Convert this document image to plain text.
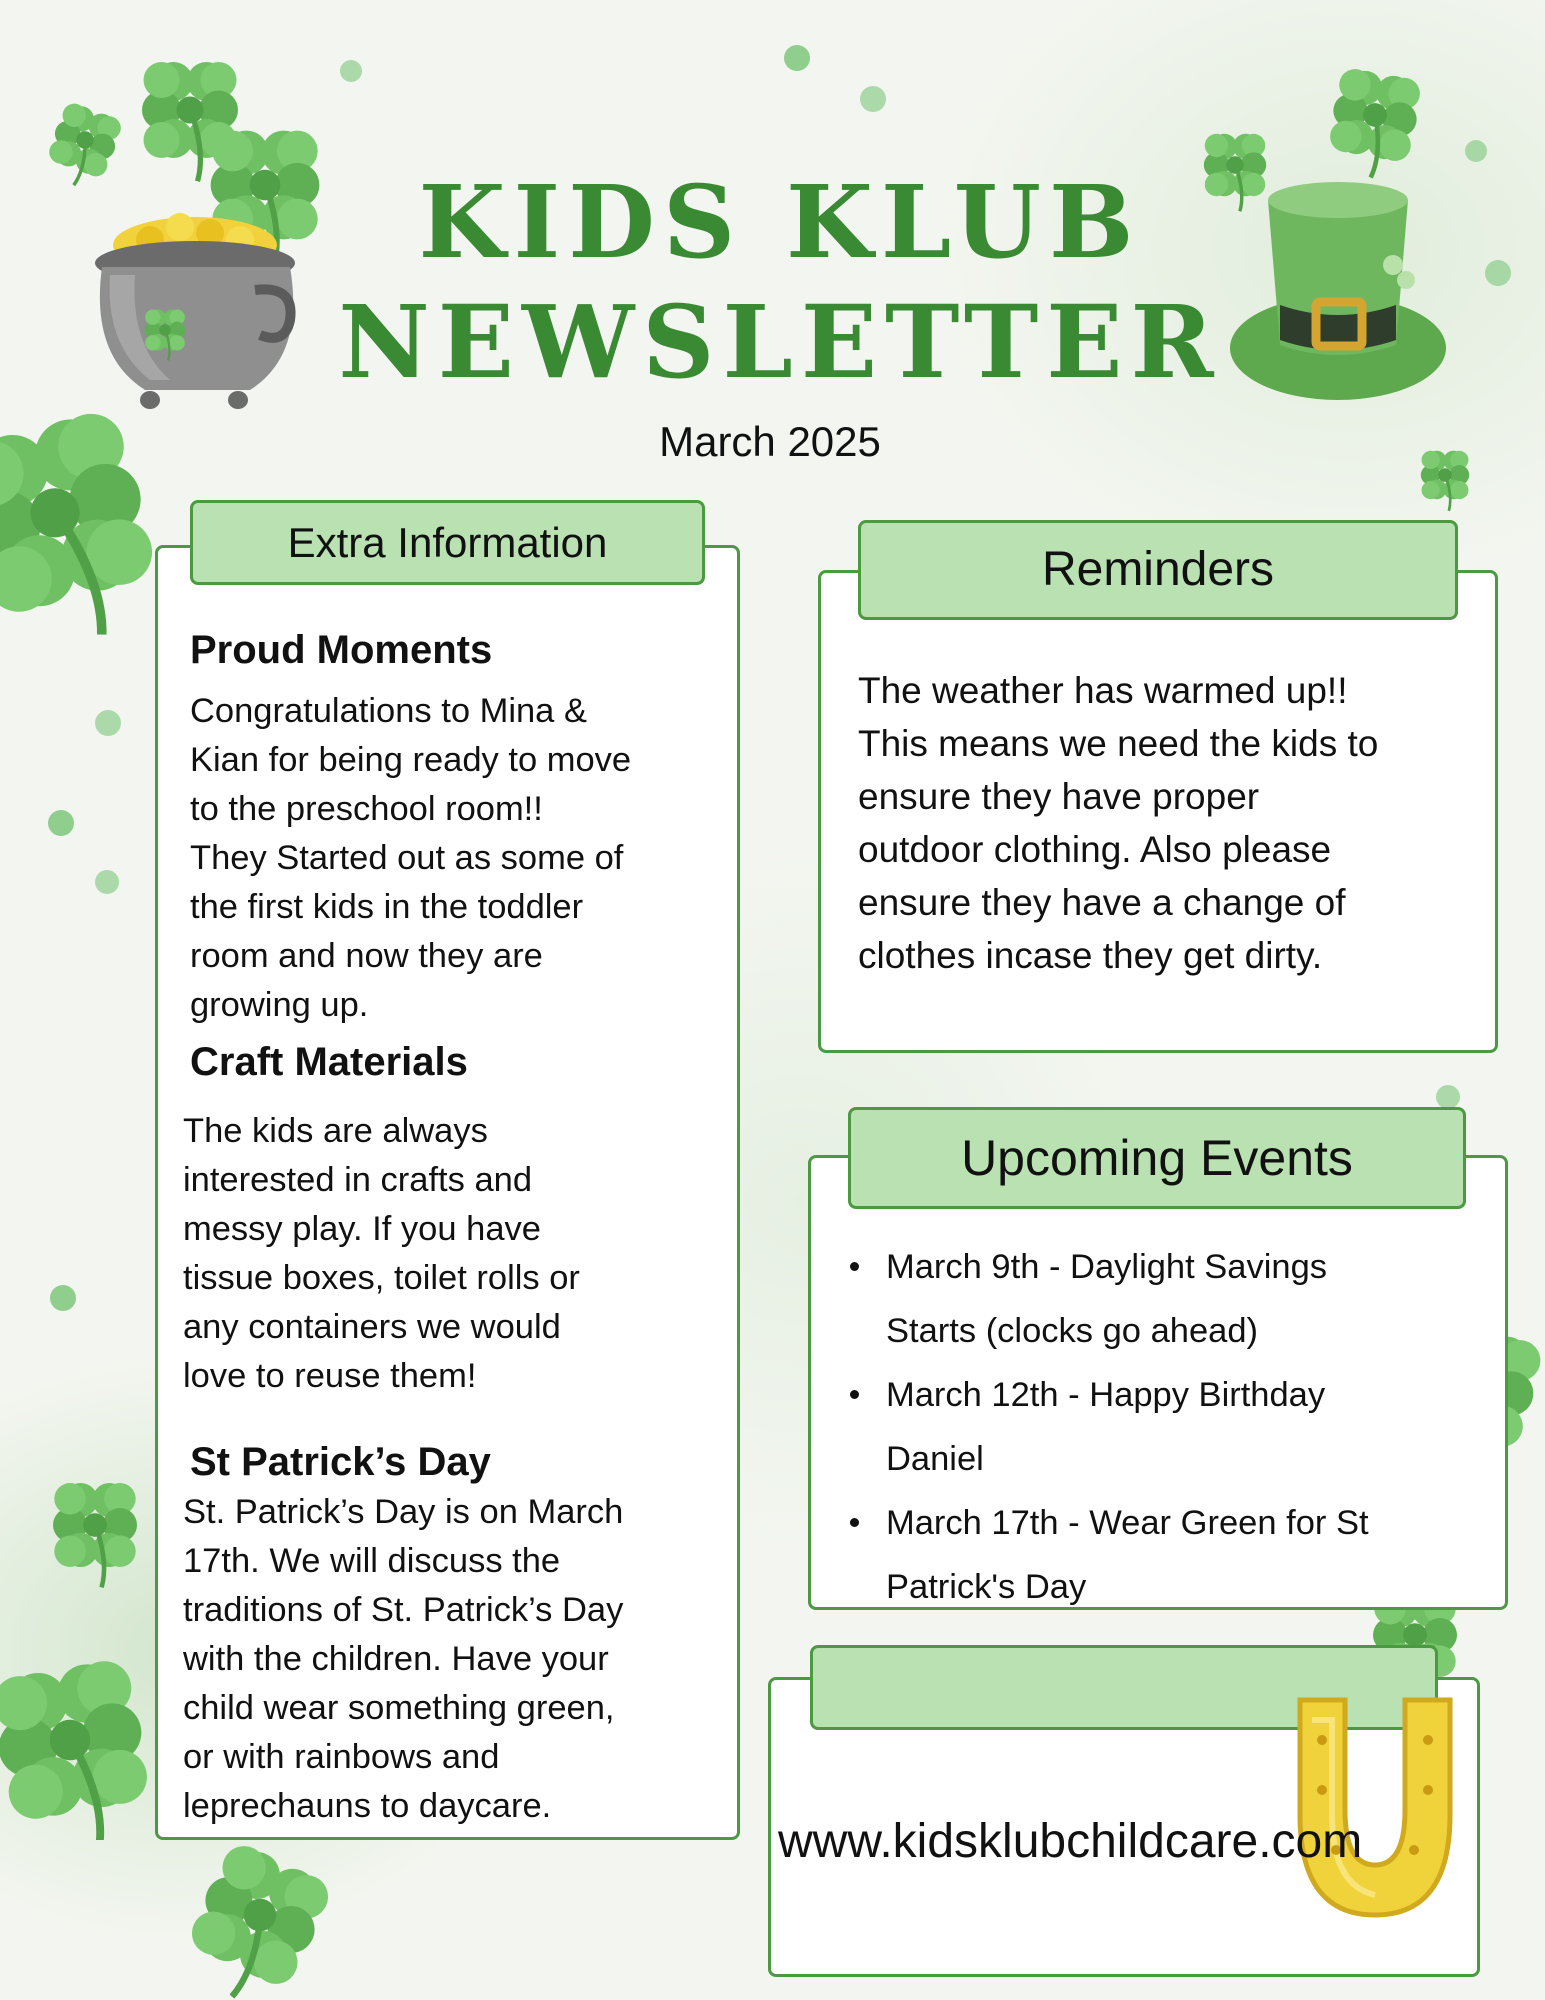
KIDS KLUB
NEWSLETTER
March 2025
Extra Information
Proud Moments
Congratulations to Mina &
Kian for being ready to move
to the preschool room!!
They Started out as some of
the first kids in the toddler
room and now they are
growing up.
Craft Materials
The kids are always
interested in crafts and
messy play. If you have
tissue boxes, toilet rolls or
any containers we would
love to reuse them!
St Patrick’s Day
St. Patrick’s Day is on March
17th. We will discuss the
traditions of St. Patrick’s Day
with the children. Have your
child wear something green,
or with rainbows and
leprechauns to daycare.
Reminders
The weather has warmed up!!
This means we need the kids to
ensure they have proper
outdoor clothing. Also please
ensure they have a change of
clothes incase they get dirty.
Upcoming Events
March 9th - Daylight Savings
Starts (clocks go ahead)
March 12th - Happy Birthday
Daniel
March 17th - Wear Green for St
Patrick's Day
www.kidsklubchildcare.com
